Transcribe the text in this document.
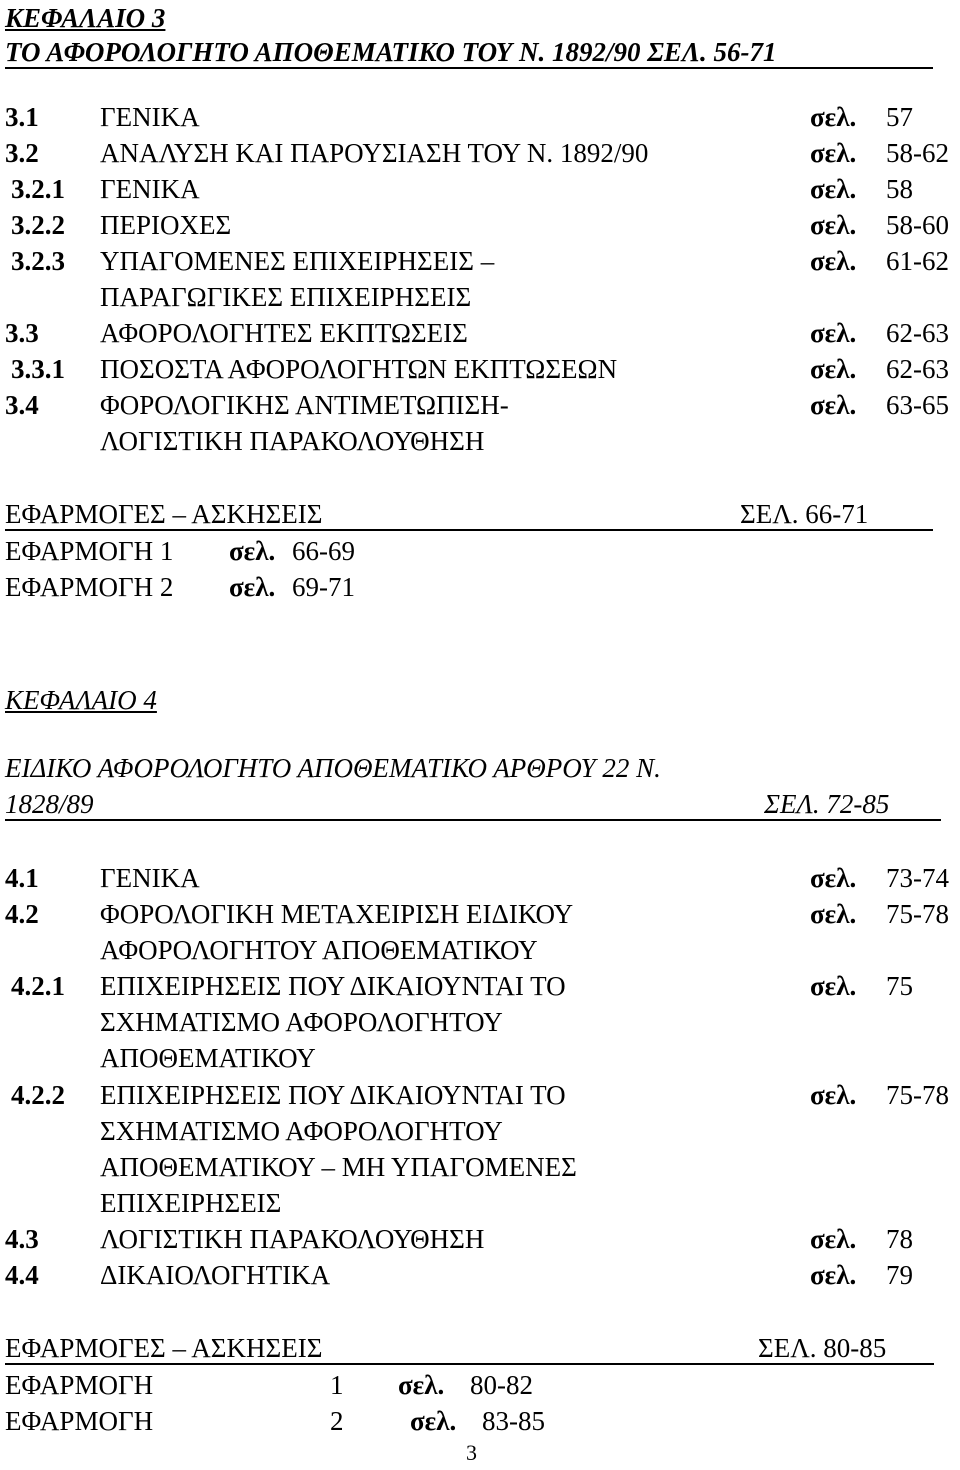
ΚΕΦΑΛΑΙΟ 3
ΤΟ ΑΦΟΡΟΛΟΓΗΤΟ ΑΠΟΘΕΜΑΤΙΚΟ ΤΟΥ Ν. 1892/90 ΣΕΛ. 56-71
3.1 ΓΕΝΙΚΑ	σελ. 57
3.2 ΑΝΑΛΥΣΗ ΚΑΙ ΠΑΡΟΥΣΙΑΣΗ ΤΟΥ Ν. 1892/90	σελ. 58-62
3.2.1 ΓΕΝΙΚΑ	σελ. 58
3.2.2 ΠΕΡΙΟΧΕΣ	σελ. 58-60
3.2.3 ΥΠΑΓΟΜΕΝΕΣ ΕΠΙΧΕΙΡΗΣΕΙΣ –
ΠΑΡΑΓΩΓΙΚΕΣ ΕΠΙΧΕΙΡΗΣΕΙΣ
σελ. 61-62
3.3 ΑΦΟΡΟΛΟΓΗΤΕΣ ΕΚΠΤΩΣΕΙΣ	σελ. 62-63
3.3.1 ΠΟΣΟΣΤΑ ΑΦΟΡΟΛΟΓΗΤΩΝ ΕΚΠΤΩΣΕΩΝ	σελ. 62-63
3.4 ΦΟΡΟΛΟΓΙΚΗΣ ΑΝΤΙΜΕΤΩΠΙΣΗ-
ΛΟΓΙΣΤΙΚΗ ΠΑΡΑΚΟΛΟΥΘΗΣΗ
σελ. 63-65
ΕΦΑΡΜΟΓΕΣ – ΑΣΚΗΣΕΙΣ	ΣΕΛ. 66-71
ΕΦΑΡΜΟΓΗ 1 σελ. 66-69
ΕΦΑΡΜΟΓΗ 2 σελ. 69-71
ΚΕΦΑΛΑΙΟ 4
ΕΙΔΙΚΟ ΑΦΟΡΟΛΟΓΗΤΟ ΑΠΟΘΕΜΑΤΙΚΟ ΑΡΘΡΟΥ 22 Ν.
1828/89	ΣΕΛ. 72-85
4.1 ΓΕΝΙΚΑ	σελ. 73-74
4.2 ΦΟΡΟΛΟΓΙΚΗ ΜΕΤΑΧΕΙΡΙΣΗ ΕΙΔΙΚΟΥ
ΑΦΟΡΟΛΟΓΗΤΟΥ ΑΠΟΘΕΜΑΤΙΚΟΥ
σελ. 75-78
4.2.1 ΕΠΙΧΕΙΡΗΣΕΙΣ ΠΟΥ ΔΙΚΑΙΟΥΝΤΑΙ ΤΟ
ΣΧΗΜΑΤΙΣΜΟ ΑΦΟΡΟΛΟΓΗΤΟΥ
ΑΠΟΘΕΜΑΤΙΚΟΥ
σελ. 75
4.2.2 ΕΠΙΧΕΙΡΗΣΕΙΣ ΠΟΥ ΔΙΚΑΙΟΥΝΤΑΙ ΤΟ
ΣΧΗΜΑΤΙΣΜΟ ΑΦΟΡΟΛΟΓΗΤΟΥ
ΑΠΟΘΕΜΑΤΙΚΟΥ – ΜΗ ΥΠΑΓΟΜΕΝΕΣ
ΕΠΙΧΕΙΡΗΣΕΙΣ
σελ. 75-78
4.3 ΛΟΓΙΣΤΙΚΗ ΠΑΡΑΚΟΛΟΥΘΗΣΗ	σελ. 78
4.4 ΔΙΚΑΙΟΛΟΓΗΤΙΚΑ	σελ. 79
ΕΦΑΡΜΟΓΕΣ – ΑΣΚΗΣΕΙΣ	ΣΕΛ. 80-85
ΕΦΑΡΜΟΓΗ	1 σελ. 80-82
ΕΦΑΡΜΟΓΗ	2 σελ. 83-85
3
